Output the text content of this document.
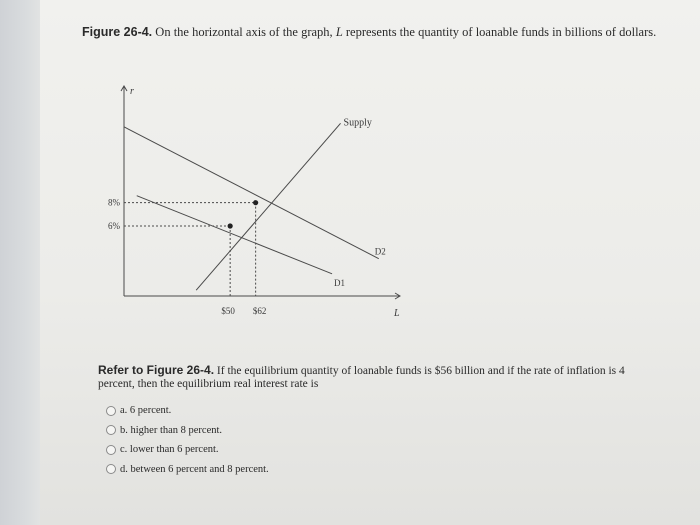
Figure 26-4. On the horizontal axis of the graph, L represents the quantity of loanable funds in billions of dollars.
r
L
Supply
D1
D2
8%
6%
$50 $62
Refer to Figure 26-4. If the equilibrium quantity of loanable funds is $56 billion and if the rate of inflation is 4 percent, then the equilibrium real interest rate is
a. 6 percent.
b. higher than 8 percent.
c. lower than 6 percent.
d. between 6 percent and 8 percent.
